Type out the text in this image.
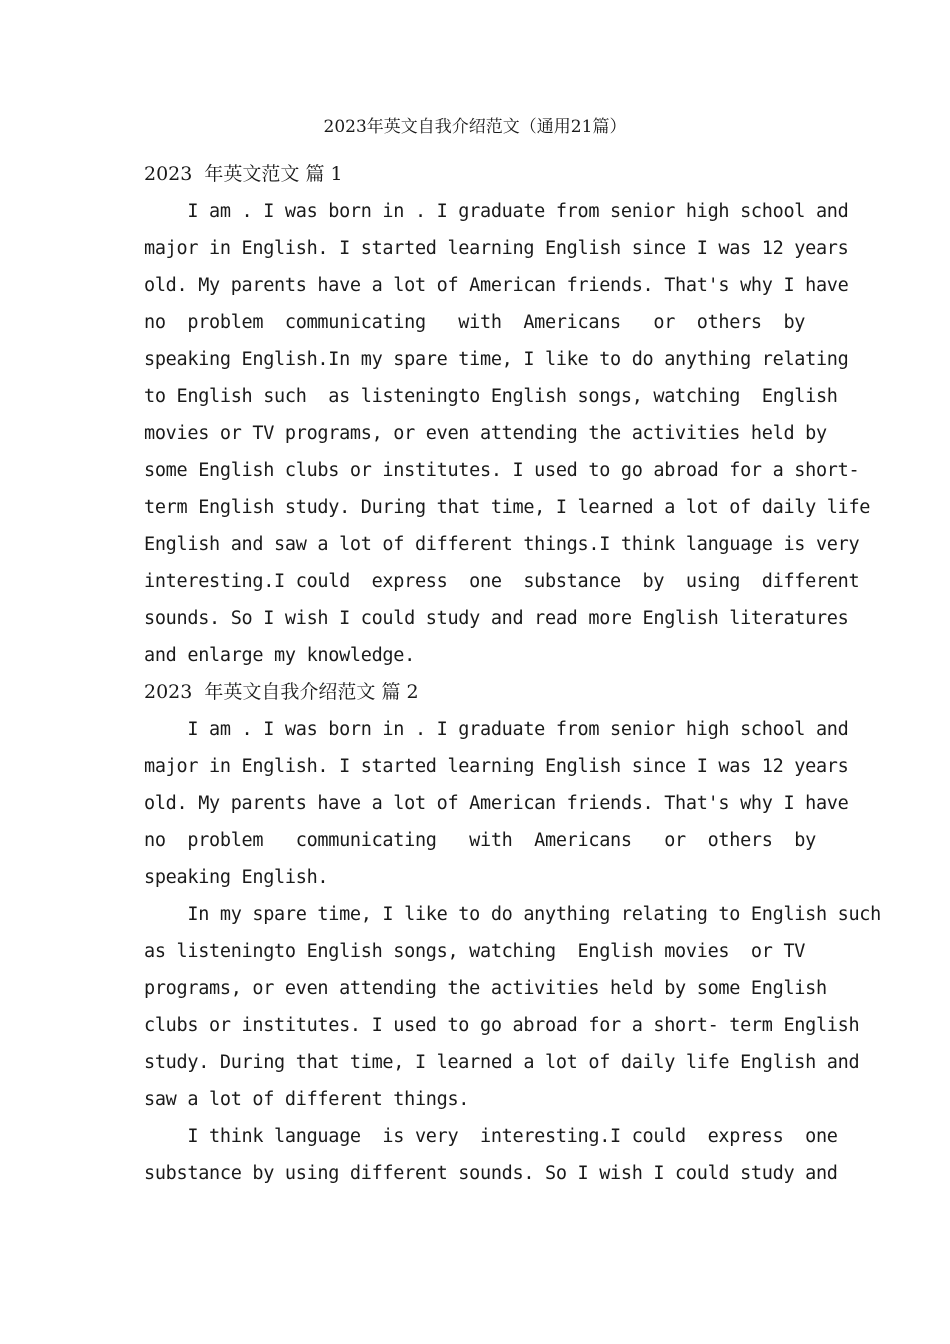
2023年英文自我介绍范文（通用21篇）
2023  年英文范文 篇 1
I am . I was born in . I graduate from senior high school and
major in English. I started learning English since I was 12 years
old. My parents have a lot of American friends. That's why I have
no  problem  communicating   with  Americans   or  others  by
speaking English.In my spare time, I like to do anything relating
to English such  as listeningto English songs, watching  English
movies or TV programs, or even attending the activities held by
some English clubs or institutes. I used to go abroad for a short-
term English study. During that time, I learned a lot of daily life
English and saw a lot of different things.I think language is very
interesting.I could  express  one  substance  by  using  different
sounds. So I wish I could study and read more English literatures
and enlarge my knowledge.
2023  年英文自我介绍范文 篇 2
I am . I was born in . I graduate from senior high school and
major in English. I started learning English since I was 12 years
old. My parents have a lot of American friends. That's why I have
no  problem   communicating   with  Americans   or  others  by
speaking English.
In my spare time, I like to do anything relating to English such
as listeningto English songs, watching  English movies  or TV
programs, or even attending the activities held by some English
clubs or institutes. I used to go abroad for a short- term English
study. During that time, I learned a lot of daily life English and
saw a lot of different things.
I think language  is very  interesting.I could  express  one
substance by using different sounds. So I wish I could study and
